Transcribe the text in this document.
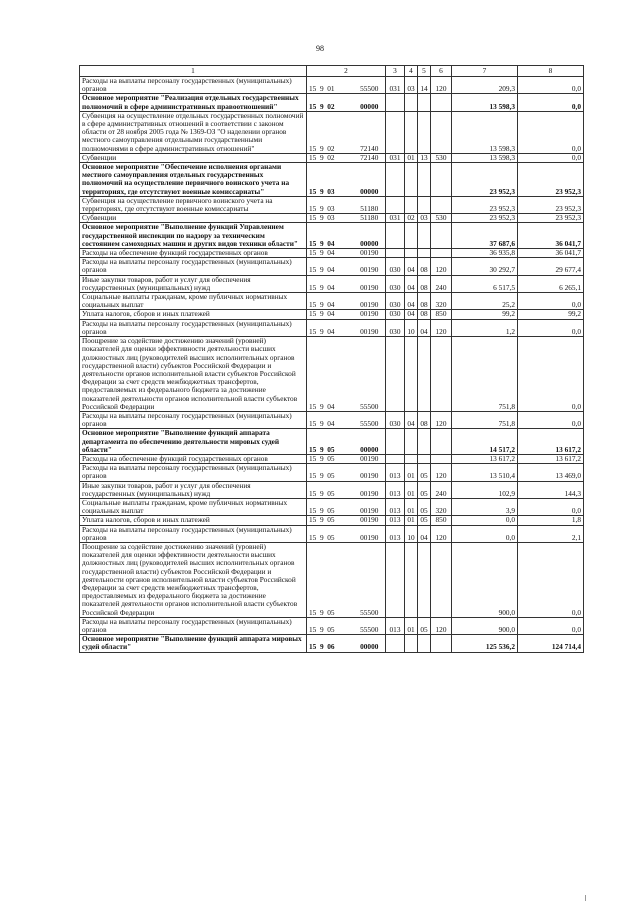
98
1	2		3	4	5	6	7	8
Расходы на выплаты персоналу государственных (муниципальных) органов	15  9  01	55500	031	03	14	120	209,3	0,0
Основное мероприятие "Реализация отдельных государственных полномочий в сфере административных правоотношений"	15  9  02	00000					13 598,3	0,0
Субвенция на осуществление отдельных государственных полномочий в сфере административных отношений в соответствии с законом области от 28 ноября 2005 года № 1369-ОЗ "О наделении органов местного самоуправления отдельными государственными полномочиями в сфере административных отношений"	15  9  02	72140					13 598,3	0,0
Субвенции	15  9  02	72140	031	01	13	530	13 598,3	0,0
Основное мероприятие "Обеспечение исполнения органами местного самоуправления отдельных государственных полномочий на осуществление первичного воинского учета на территориях, где отсутствуют военные комиссариаты"	15  9  03	00000					23 952,3	23 952,3
Субвенция на осуществление первичного воинского учета на территориях, где отсутствуют военные комиссариаты	15  9  03	51180					23 952,3	23 952,3
Субвенции	15  9  03	51180	031	02	03	530	23 952,3	23 952,3
Основное мероприятие "Выполнение функций Управлением государственной инспекции по надзору за техническим состоянием самоходных машин и других видов техники области"	15  9  04	00000					37 687,6	36 041,7
Расходы на обеспечение функций государственных органов	15  9  04	00190					36 935,8	36 041,7
Расходы на выплаты персоналу государственных (муниципальных) органов	15  9  04	00190	030	04	08	120	30 292,7	29 677,4
Иные закупки товаров, работ и услуг для обеспечения государственных (муниципальных) нужд	15  9  04	00190	030	04	08	240	6 517,5	6 265,1
Социальные выплаты гражданам, кроме публичных нормативных социальных выплат	15  9  04	00190	030	04	08	320	25,2	0,0
Уплата налогов, сборов и иных платежей	15  9  04	00190	030	04	08	850	99,2	99,2
Расходы на выплаты персоналу государственных (муниципальных) органов	15  9  04	00190	030	10	04	120	1,2	0,0
Поощрение за содействие достижению значений (уровней) показателей для оценки эффективности деятельности высших должностных лиц (руководителей высших исполнительных органов государственной власти) субъектов Российской Федерации и деятельности органов исполнительной власти субъектов Российской Федерации за счет средств межбюджетных трансфертов, предоставляемых из федерального бюджета за достижение показателей деятельности органов исполнительной власти субъектов Российской Федерации	15  9  04	55500					751,8	0,0
Расходы на выплаты персоналу государственных (муниципальных) органов	15  9  04	55500	030	04	08	120	751,8	0,0
Основное мероприятие "Выполнение функций аппарата департамента по обеспечению деятельности мировых судей области"	15  9  05	00000					14 517,2	13 617,2
Расходы на обеспечение функций государственных органов	15  9  05	00190					13 617,2	13 617,2
Расходы на выплаты персоналу государственных (муниципальных) органов	15  9  05	00190	013	01	05	120	13 510,4	13 469,0
Иные закупки товаров, работ и услуг для обеспечения государственных (муниципальных) нужд	15  9  05	00190	013	01	05	240	102,9	144,3
Социальные выплаты гражданам, кроме публичных нормативных социальных выплат	15  9  05	00190	013	01	05	320	3,9	0,0
Уплата налогов, сборов и иных платежей	15  9  05	00190	013	01	05	850	0,0	1,8
Расходы на выплаты персоналу государственных (муниципальных) органов	15  9  05	00190	013	10	04	120	0,0	2,1
Поощрение за содействие достижению значений (уровней) показателей для оценки эффективности деятельности высших должностных лиц (руководителей высших исполнительных органов государственной власти) субъектов Российской Федерации и деятельности органов исполнительной власти субъектов Российской Федерации за счет средств межбюджетных трансфертов, предоставляемых из федерального бюджета за достижение показателей деятельности органов исполнительной власти субъектов Российской Федерации	15  9  05	55500					900,0	0,0
Расходы на выплаты персоналу государственных (муниципальных) органов	15  9  05	55500	013	01	05	120	900,0	0,0
Основное мероприятие "Выполнение функций аппарата мировых судей области"	15  9  06	00000					125 536,2	124 714,4
